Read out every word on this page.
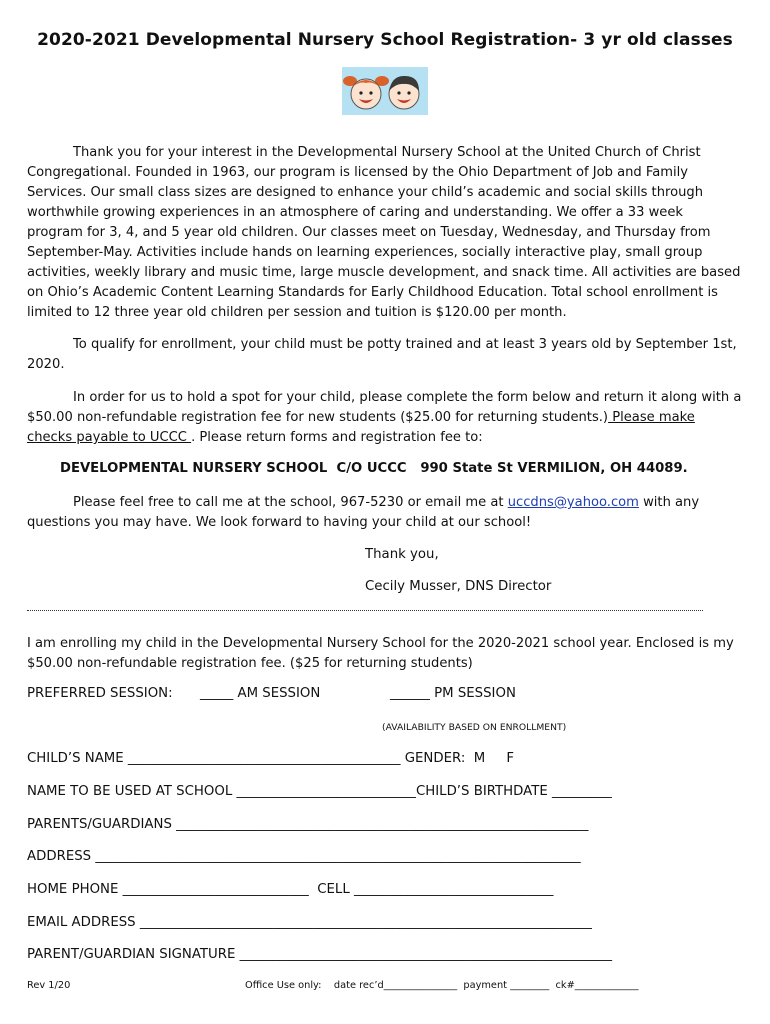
2020-2021 Developmental Nursery School Registration- 3 yr old classes

Thank you for your interest in the Developmental Nursery School at the United Church of Christ Congregational. Founded in 1963, our program is licensed by the Ohio Department of Job and Family Services. Our small class sizes are designed to enhance your child’s academic and social skills through worthwhile growing experiences in an atmosphere of caring and understanding. We offer a 33 week program for 3, 4, and 5 year old children. Our classes meet on Tuesday, Wednesday, and Thursday from September-May. Activities include hands on learning experiences, socially interactive play, small group activities, weekly library and music time, large muscle development, and snack time. All activities are based on Ohio’s Academic Content Learning Standards for Early Childhood Education. Total school enrollment is limited to 12 three year old children per session and tuition is $120.00 per month.

To qualify for enrollment, your child must be potty trained and at least 3 years old by September 1st, 2020.

In order for us to hold a spot for your child, please complete the form below and return it along with a $50.00 non-refundable registration fee for new students ($25.00 for returning students.) Please make checks payable to UCCC . Please return forms and registration fee to:

DEVELOPMENTAL NURSERY SCHOOL  C/O UCCC   990 State St VERMILION, OH 44089.

Please feel free to call me at the school, 967-5230 or email me at uccdns@yahoo.com with any questions you may have. We look forward to having your child at our school!

Thank you,
Cecily Musser, DNS Director

I am enrolling my child in the Developmental Nursery School for the 2020-2021 school year. Enclosed is my $50.00 non-refundable registration fee. ($25 for returning students)

PREFERRED SESSION: _____ AM SESSION	______ PM SESSION
(AVAILABILITY BASED ON ENROLLMENT)
CHILD’S NAME _________________________________________ GENDER:  M     F
NAME TO BE USED AT SCHOOL ___________________________CHILD’S BIRTHDATE _________
PARENTS/GUARDIANS ______________________________________________________________
ADDRESS _________________________________________________________________________
HOME PHONE ____________________________  CELL ______________________________
EMAIL ADDRESS ____________________________________________________________________
PARENT/GUARDIAN SIGNATURE ________________________________________________________
Rev 1/20	Office Use only:    date rec’d_______________  payment ________  ck#_____________
